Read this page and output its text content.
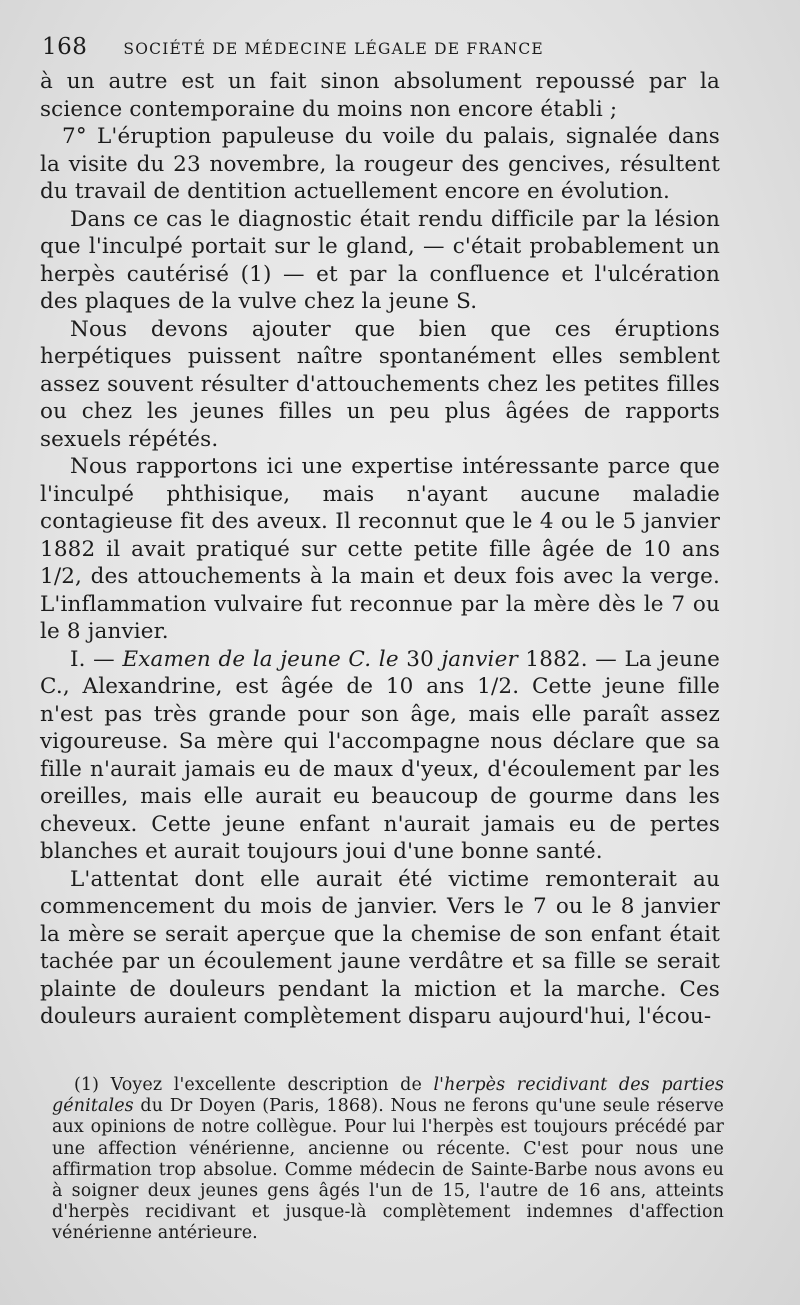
168 SOCIÉTÉ DE MÉDECINE LÉGALE DE FRANCE

à un autre est un fait sinon absolument repoussé par la science contemporaine du moins non encore établi ;

7° L'éruption papuleuse du voile du palais, signalée dans la visite du 23 novembre, la rougeur des gencives, résultent du travail de dentition actuellement encore en évolution.

Dans ce cas le diagnostic était rendu difficile par la lésion que l'inculpé portait sur le gland, — c'était probablement un herpès cautérisé (1) — et par la confluence et l'ulcération des plaques de la vulve chez la jeune S.

Nous devons ajouter que bien que ces éruptions herpétiques puissent naître spontanément elles semblent assez souvent résulter d'attouchements chez les petites filles ou chez les jeunes filles un peu plus âgées de rapports sexuels répétés.

Nous rapportons ici une expertise intéressante parce que l'inculpé phthisique, mais n'ayant aucune maladie contagieuse fit des aveux. Il reconnut que le 4 ou le 5 janvier 1882 il avait pratiqué sur cette petite fille âgée de 10 ans 1/2, des attouchements à la main et deux fois avec la verge. L'inflammation vulvaire fut reconnue par la mère dès le 7 ou le 8 janvier.

I. — Examen de la jeune C. le 30 janvier 1882. — La jeune C., Alexandrine, est âgée de 10 ans 1/2. Cette jeune fille n'est pas très grande pour son âge, mais elle paraît assez vigoureuse. Sa mère qui l'accompagne nous déclare que sa fille n'aurait jamais eu de maux d'yeux, d'écoulement par les oreilles, mais elle aurait eu beaucoup de gourme dans les cheveux. Cette jeune enfant n'aurait jamais eu de pertes blanches et aurait toujours joui d'une bonne santé.

L'attentat dont elle aurait été victime remonterait au commencement du mois de janvier. Vers le 7 ou le 8 janvier la mère se serait aperçue que la chemise de son enfant était tachée par un écoulement jaune verdâtre et sa fille se serait plainte de douleurs pendant la miction et la marche. Ces douleurs auraient complètement disparu aujourd'hui, l'écou-

(1) Voyez l'excellente description de l'herpès recidivant des parties génitales du Dr Doyen (Paris, 1868). Nous ne ferons qu'une seule réserve aux opinions de notre collègue. Pour lui l'herpès est toujours précédé par une affection vénérienne, ancienne ou récente. C'est pour nous une affirmation trop absolue. Comme médecin de Sainte-Barbe nous avons eu à soigner deux jeunes gens âgés l'un de 15, l'autre de 16 ans, atteints d'herpès recidivant et jusque-là complètement indemnes d'affection vénérienne antérieure.
